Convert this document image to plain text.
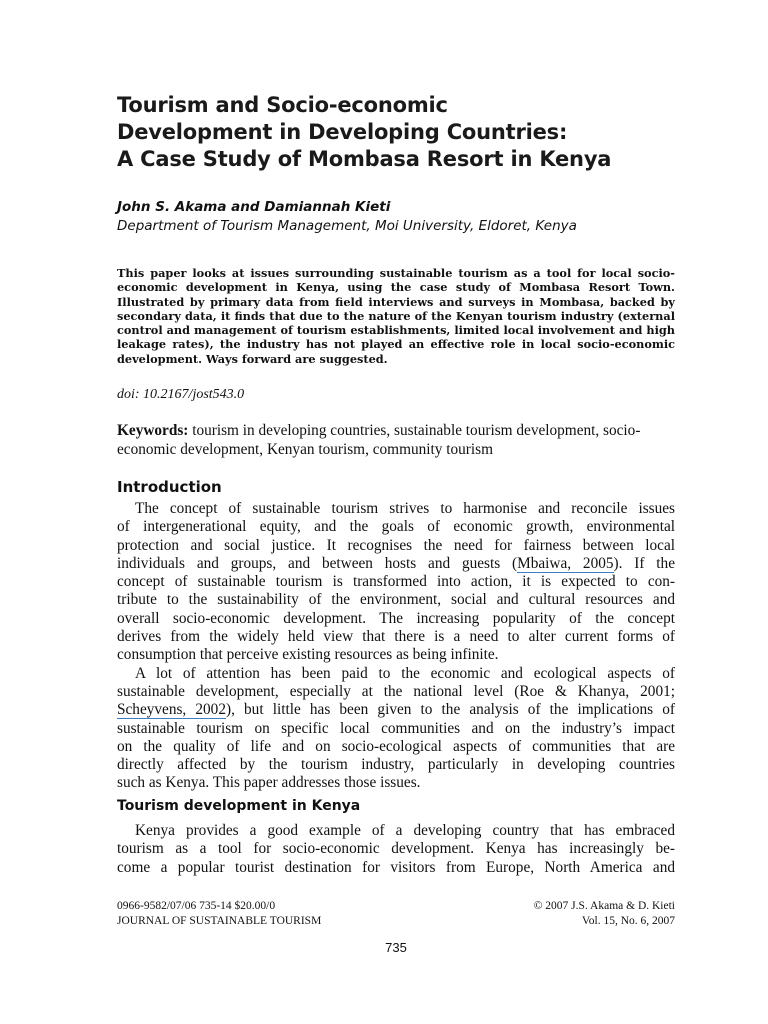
Tourism and Socio-economic
Development in Developing Countries:
A Case Study of Mombasa Resort in Kenya
John S. Akama and Damiannah Kieti
Department of Tourism Management, Moi University, Eldoret, Kenya
This paper looks at issues surrounding sustainable tourism as a tool for local socio-economic development in Kenya, using the case study of Mombasa Resort Town. Illustrated by primary data from field interviews and surveys in Mombasa, backed by secondary data, it finds that due to the nature of the Kenyan tourism industry (external control and management of tourism establishments, limited local involvement and high leakage rates), the industry has not played an effective role in local socio-economic development. Ways forward are suggested.
doi: 10.2167/jost543.0
Keywords: tourism in developing countries, sustainable tourism development, socio-economic development, Kenyan tourism, community tourism
Introduction
The concept of sustainable tourism strives to harmonise and reconcile issues
of intergenerational equity, and the goals of economic growth, environmental
protection and social justice. It recognises the need for fairness between local
individuals and groups, and between hosts and guests (Mbaiwa, 2005). If the
concept of sustainable tourism is transformed into action, it is expected to con-
tribute to the sustainability of the environment, social and cultural resources and
overall socio-economic development. The increasing popularity of the concept
derives from the widely held view that there is a need to alter current forms of
consumption that perceive existing resources as being infinite.
A lot of attention has been paid to the economic and ecological aspects of
sustainable development, especially at the national level (Roe & Khanya, 2001;
Scheyvens, 2002), but little has been given to the analysis of the implications of
sustainable tourism on specific local communities and on the industry’s impact
on the quality of life and on socio-ecological aspects of communities that are
directly affected by the tourism industry, particularly in developing countries
such as Kenya. This paper addresses those issues.
Tourism development in Kenya
Kenya provides a good example of a developing country that has embraced
tourism as a tool for socio-economic development. Kenya has increasingly be-
come a popular tourist destination for visitors from Europe, North America and
0966-9582/07/06 735-14 $20.00/0
JOURNAL OF SUSTAINABLE TOURISM
© 2007 J.S. Akama & D. Kieti
Vol. 15, No. 6, 2007
735
